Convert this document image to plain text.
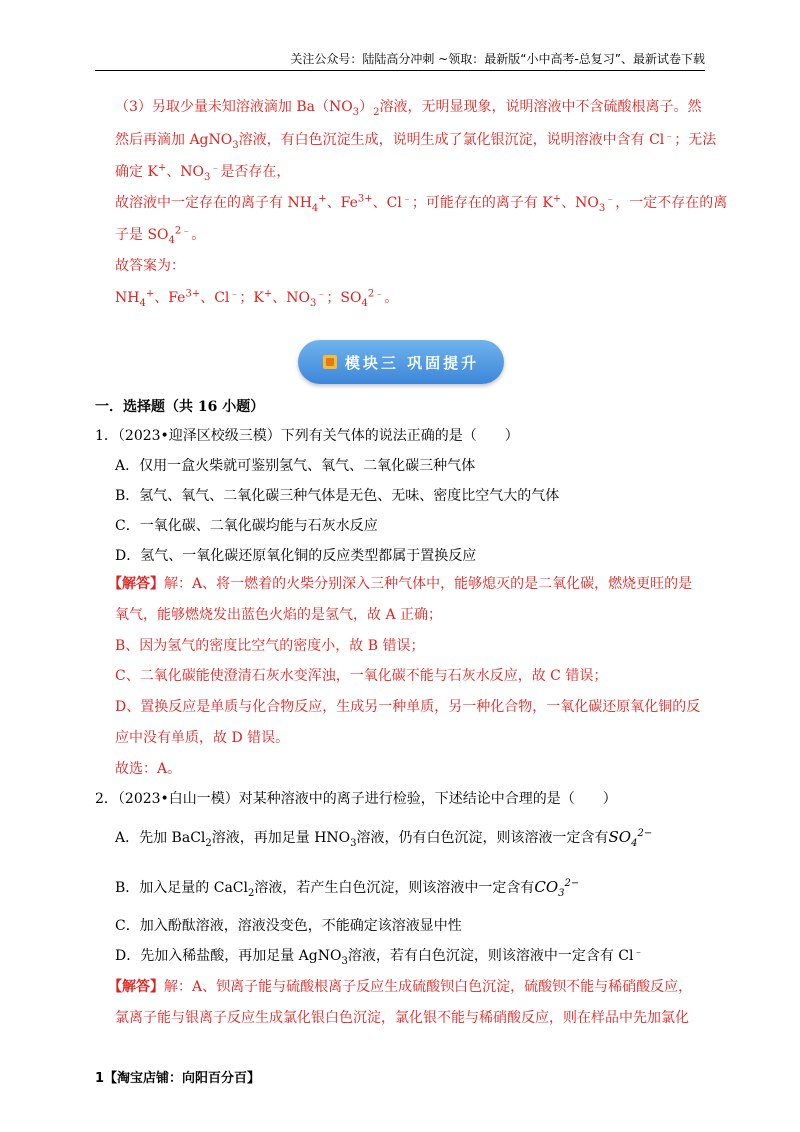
关注公众号：陆陆高分冲刺 ~领取：最新版“小中高考-总复习”、最新试卷下载
（3）另取少量未知溶液滴加 $Ba(NO_3)_2$溶液，无明显现象，说明溶液中不含硫酸根离子。然
然后再滴加 AgNO$_3$溶液，有白色沉淀生成，说明生成了氯化银沉淀，说明溶液中含有 Cl﹣；无法
确定 K+、$NO_3^﹣$是否存在，
故溶液中一定存在的离子有 $NH_4^+$、$Fe^{3+}$、Cl﹣；可能存在的离子有 K+、$NO_3^﹣$，一定不存在的离
子是 $SO_4^{2﹣}$。
故答案为：
$NH_4^+$、$Fe^{3+}$、Cl﹣；K+、$NO_3^﹣$；$SO_4^{2﹣}$。
模块三 巩固提升
一．选择题（共 16 小题）
1．（2023•迎泽区校级三模）下列有关气体的说法正确的是（　　）
A．仅用一盒火柴就可鉴别氢气、氧气、二氧化碳三种气体
B．氢气、氧气、二氧化碳三种气体是无色、无味、密度比空气大的气体
C．一氧化碳、二氧化碳均能与石灰水反应
D．氢气、一氧化碳还原氧化铜的反应类型都属于置换反应
【解答】解：A、将一燃着的火柴分别深入三种气体中，能够熄灭的是二氧化碳，燃烧更旺的是
氧气，能够燃烧发出蓝色火焰的是氢气，故 A 正确；
B、因为氢气的密度比空气的密度小，故 B 错误；
C、二氧化碳能使澄清石灰水变浑浊，一氧化碳不能与石灰水反应，故 C 错误；
D、置换反应是单质与化合物反应，生成另一种单质，另一种化合物，一氧化碳还原氧化铜的反
应中没有单质，故 D 错误。
故选：A。
2．（2023•白山一模）对某种溶液中的离子进行检验，下述结论中合理的是（　　）
A．先加 BaCl$_2$溶液，再加足量 $HNO_3$溶液，仍有白色沉淀，则该溶液一定含有$SO_4^{2-}$
B．加入足量的 CaCl$_2$溶液，若产生白色沉淀，则该溶液中一定含有$CO_3^{2-}$
C．加入酚酞溶液，溶液没变色，不能确定该溶液显中性
D．先加入稀盐酸，再加足量 AgNO$_3$溶液，若有白色沉淀，则该溶液中一定含有 Cl﹣
【解答】解：A、钡离子能与硫酸根离子反应生成硫酸钡白色沉淀，硫酸钡不能与稀硝酸反应，
氯离子能与银离子反应生成氯化银白色沉淀，氯化银不能与稀硝酸反应，则在样品中先加氯化
1【淘宝店铺：向阳百分百】
